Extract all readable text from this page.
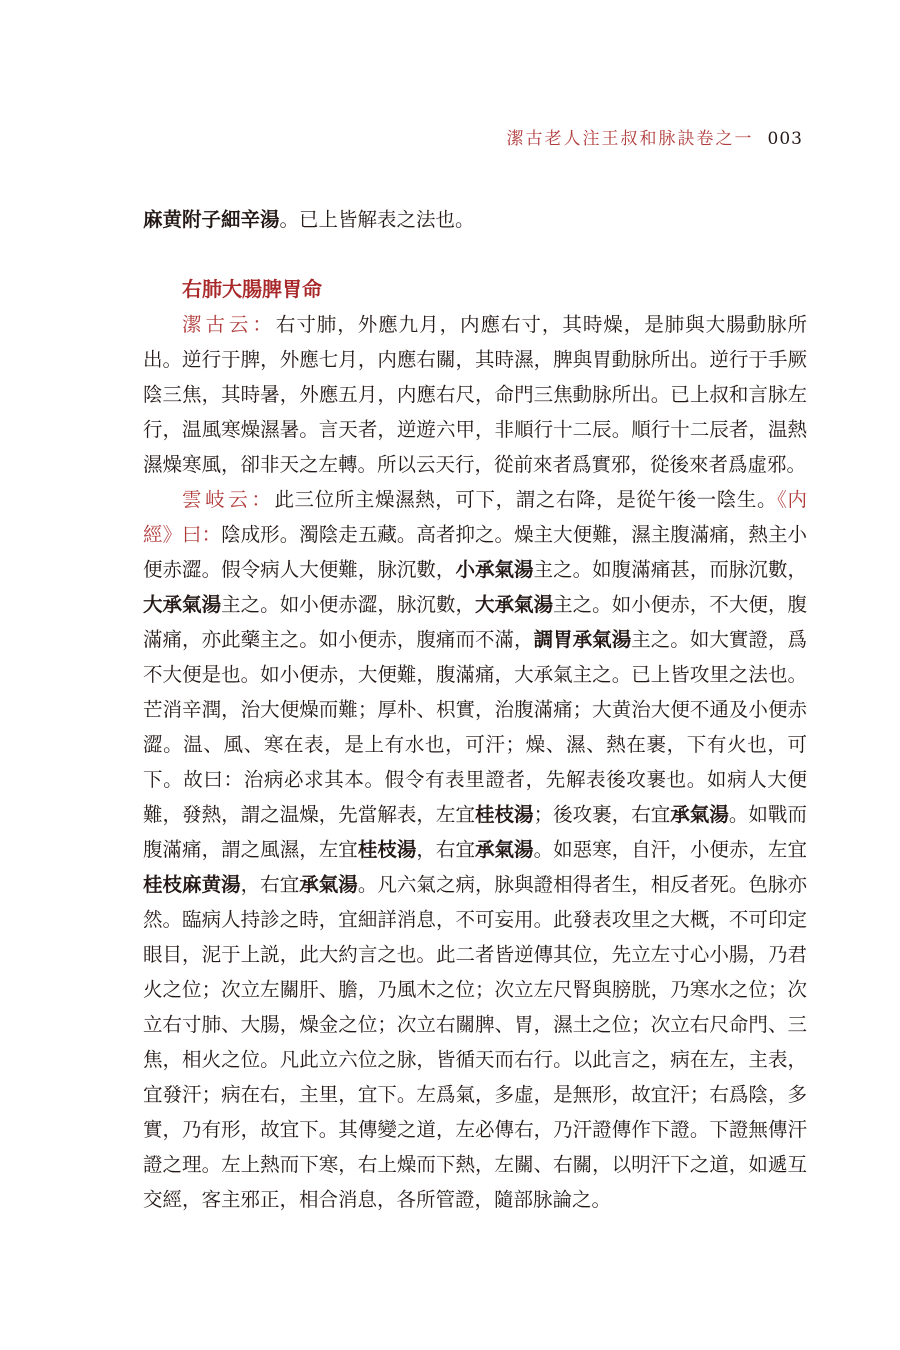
潔古老人注王叔和脉訣卷之一 003

麻黄附子細辛湯。已上皆解表之法也。

右肺大腸脾胃命

潔古云：右寸肺，外應九月，内應右寸，其時燥，是肺與大腸動脉所出。逆行于脾，外應七月，内應右關，其時濕，脾與胃動脉所出。逆行于手厥陰三焦，其時暑，外應五月，内應右尺，命門三焦動脉所出。已上叔和言脉左行，温風寒燥濕暑。言天者，逆遊六甲，非順行十二辰。順行十二辰者，温熱濕燥寒風，卻非天之左轉。所以云天行，從前來者爲實邪，從後來者爲虛邪。

雲岐云：此三位所主燥濕熱，可下，謂之右降，是從午後一陰生。《内經》曰：陰成形。濁陰走五藏。高者抑之。燥主大便難，濕主腹滿痛，熱主小便赤澀。假令病人大便難，脉沉數，小承氣湯主之。如腹滿痛甚，而脉沉數，大承氣湯主之。如小便赤澀，脉沉數，大承氣湯主之。如小便赤，不大便，腹滿痛，亦此藥主之。如小便赤，腹痛而不滿，調胃承氣湯主之。如大實證，爲不大便是也。如小便赤，大便難，腹滿痛，大承氣主之。已上皆攻里之法也。芒消辛潤，治大便燥而難；厚朴、枳實，治腹滿痛；大黄治大便不通及小便赤澀。温、風、寒在表，是上有水也，可汗；燥、濕、熱在裹，下有火也，可下。故曰：治病必求其本。假令有表里證者，先解表後攻裹也。如病人大便難，發熱，謂之温燥，先當解表，左宜桂枝湯；後攻裹，右宜承氣湯。如戰而腹滿痛，謂之風濕，左宜桂枝湯，右宜承氣湯。如惡寒，自汗，小便赤，左宜桂枝麻黄湯，右宜承氣湯。凡六氣之病，脉與證相得者生，相反者死。色脉亦然。臨病人持診之時，宜細詳消息，不可妄用。此發表攻里之大概，不可印定眼目，泥于上説，此大約言之也。此二者皆逆傳其位，先立左寸心小腸，乃君火之位；次立左關肝、膽，乃風木之位；次立左尺腎與膀胱，乃寒水之位；次立右寸肺、大腸，燥金之位；次立右關脾、胃，濕土之位；次立右尺命門、三焦，相火之位。凡此立六位之脉，皆循天而右行。以此言之，病在左，主表，宜發汗；病在右，主里，宜下。左爲氣，多虛，是無形，故宜汗；右爲陰，多實，乃有形，故宜下。其傳變之道，左必傳右，乃汗證傳作下證。下證無傳汗證之理。左上熱而下寒，右上燥而下熱，左關、右關，以明汗下之道，如遞互交經，客主邪正，相合消息，各所管證，隨部脉論之。
